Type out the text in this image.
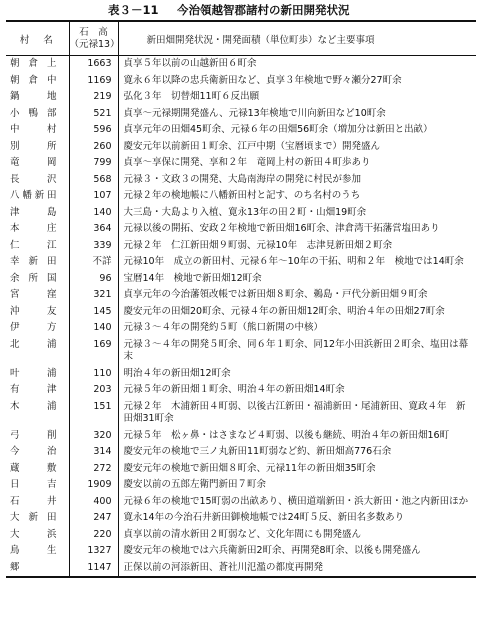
表３－11 今治領越智郡諸村の新田開発状況
村名	石　高
（元禄13）	新田畑開発状況・開発面積（単位町歩）など主要事項
朝倉上	1663	貞享５年以前の山越新田６町余
朝倉中	1169	寛永６年以降の忠兵衛新田など、貞享３年検地で野々瀬分27町余
鍋地	219	弘化３年　切替畑11町６反出願
小鴨部	521	貞享～元禄期開発盛ん、元禄13年検地で川向新田など10町余
中村	596	貞享元年の田畑45町余、元禄６年の田畑56町余（増加分は新田と出畝）
別所	260	慶安元年以前新田１町余、江戸中期（宝暦頃まで）開発盛ん
竜岡	799	貞享～享保に開発、享和２年　竜岡上村の新田４町歩あり
長沢	568	元禄３・文政３の開発、大島南海岸の開発に村民が参加
八幡新田	107	元禄２年の検地帳に八幡新田村と記す、のち名村のうち
津島	140	大三島・大島より入植、寛永13年の田２町・山畑19町余
本庄	364	元禄以後の開拓、安政２年検地で新田畑16町余、津倉湾干拓藩営塩田あり
仁江	339	元禄２年　仁江新田畑９町弱、元禄10年　志津見新田畑２町余
幸新田	不詳	元禄10年　成立の新田村、元禄６年～10年の干拓、明和２年　検地では14町余
余所国	96	宝暦14年　検地で新田畑12町余
宮窪	321	貞享元年の今治藩領改帳では新田畑８町余、鵜島・戸代分新田畑９町余
沖友	145	慶安元年の田畑20町余、元禄４年の新田畑12町余、明治４年の田畑27町余
伊方	140	元禄３～４年の開発約５町（熊口新開の中核）
北浦	169	元禄３～４年の開発５町余、同６年１町余、同12年小田浜新田２町余、塩田は幕末
叶浦	110	明治４年の新田畑12町余
有津	203	元禄５年の新田畑１町余、明治４年の新田畑14町余
木浦	151	元禄２年　木浦新田４町弱、以後古江新田・福浦新田・尾浦新田、寛政４年　新田畑31町余
弓削	320	元禄５年　松ヶ鼻・はさまなど４町弱、以後も継続、明治４年の新田畑16町
今治	314	慶安元年の検地で三ノ丸新田11町弱など約、新田畑高776石余
蔵敷	272	慶安元年の検地で新田畑８町余、元禄11年の新田畑35町余
日吉	1909	慶安以前の五郎左衛門新田７町余
石井	400	元禄６年の検地で15町弱の出畝あり、横田道端新田・浜大新田・池之内新田ほか
大新田	247	寛永14年の今治石井新田御検地帳では24町５反、新田名多数あり
大浜	220	貞享以前の清水新田２町弱など、文化年間にも開発盛ん
鳥生	1327	慶安元年の検地では六兵衛新田2町余、再開発8町余、以後も開発盛ん
郷	1147	正保以前の河添新田、蒼社川氾濫の都度再開発
